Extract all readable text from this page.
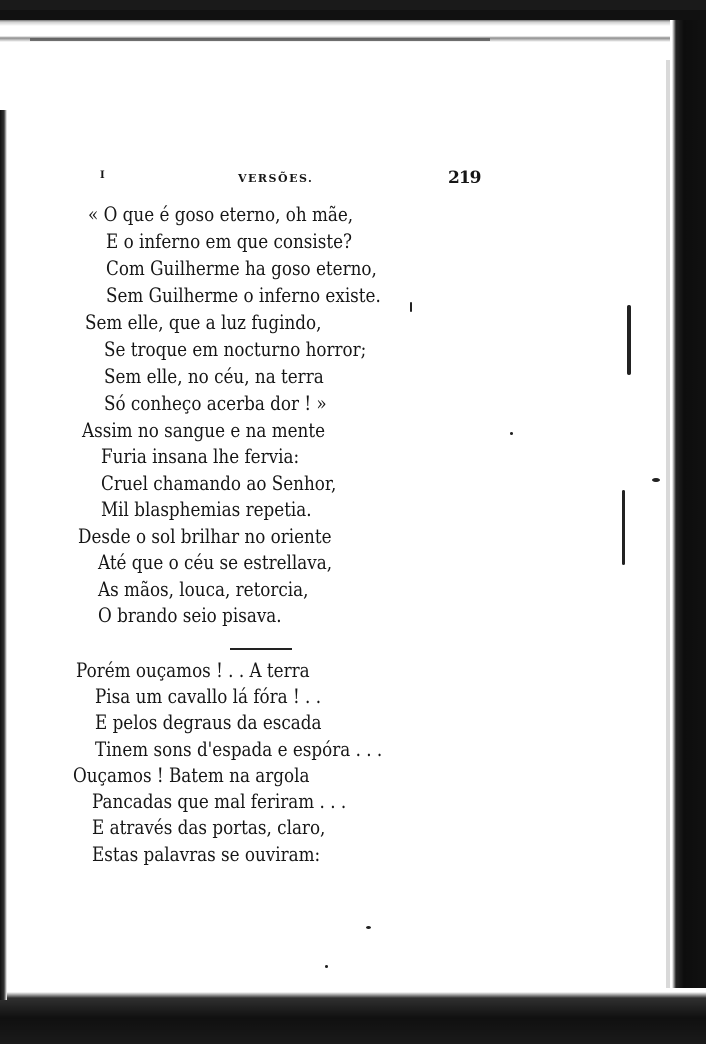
I	VERSÕES.	219
« O que é goso eterno, oh mãe,
E o inferno em que consiste?
Com Guilherme ha goso eterno,
Sem Guilherme o inferno existe.
Sem elle, que a luz fugindo,
Se troque em nocturno horror;
Sem elle, no céu, na terra
Só conheço acerba dor ! »
Assim no sangue e na mente
Furia insana lhe fervia:
Cruel chamando ao Senhor,
Mil blasphemias repetia.
Desde o sol brilhar no oriente
Até que o céu se estrellava,
As mãos, louca, retorcia,
O brando seio pisava.
Porém ouçamos ! . . A terra
Pisa um cavallo lá fóra ! . .
E pelos degraus da escada
Tinem sons d'espada e espóra . . .
Ouçamos ! Batem na argola
Pancadas que mal feriram . . .
E através das portas, claro,
Estas palavras se ouviram:
